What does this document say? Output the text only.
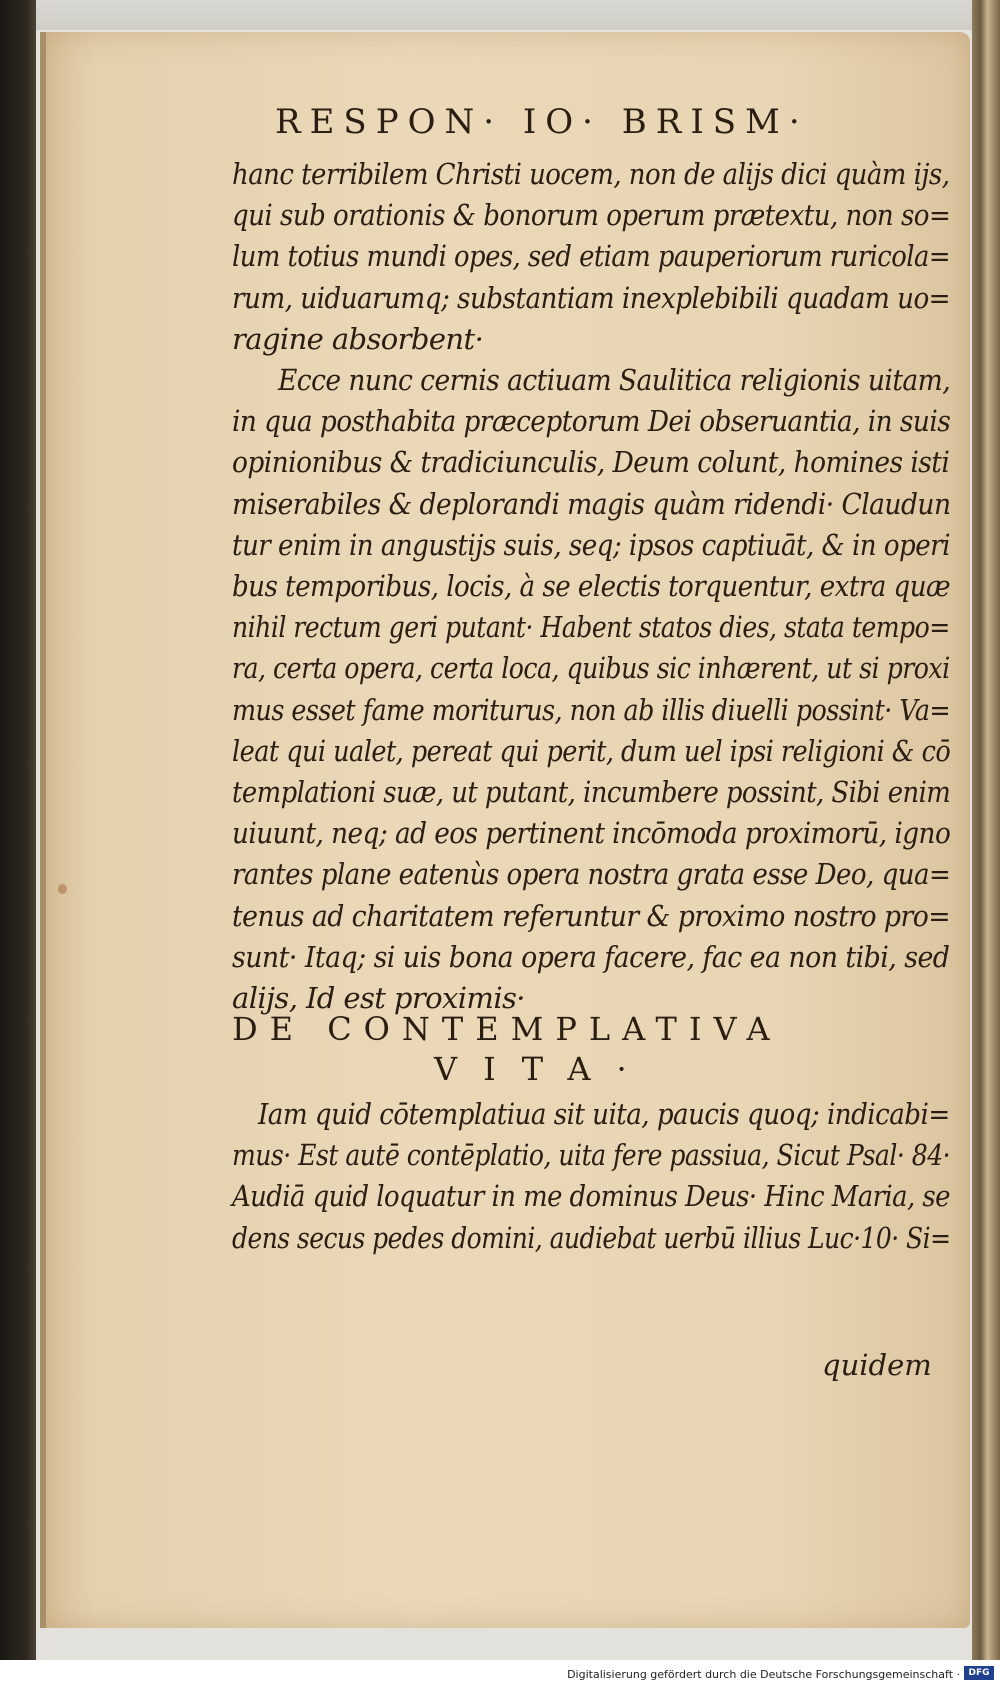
RESPON· IO· BRISM·
hanc terribilem Christi uocem, non de alijs dici quàm ijs,
qui sub orationis & bonorum operum prætextu, non so=
lum totius mundi opes, sed etiam pauperiorum ruricola=
rum, uiduarumq; substantiam inexplebibili quadam uo=
ragine absorbent·
Ecce nunc cernis actiuam Saulitica religionis uitam,
in qua posthabita præceptorum Dei obseruantia, in suis
opinionibus & tradiciunculis, Deum colunt, homines isti
miserabiles & deplorandi magis quàm ridendi· Claudun
tur enim in angustijs suis, seq; ipsos captiuāt, & in operi
bus temporibus, locis, à se electis torquentur, extra quæ
nihil rectum geri putant· Habent statos dies, stata tempo=
ra, certa opera, certa loca, quibus sic inhærent, ut si proxi
mus esset fame moriturus, non ab illis diuelli possint· Va=
leat qui ualet, pereat qui perit, dum uel ipsi religioni & cō
templationi suæ, ut putant, incumbere possint, Sibi enim
uiuunt, neq; ad eos pertinent incōmoda proximorū, igno
rantes plane eatenùs opera nostra grata esse Deo, qua=
tenus ad charitatem referuntur & proximo nostro pro=
sunt· Itaq; si uis bona opera facere, fac ea non tibi, sed
alijs, Id est proximis·
DE CONTEMPLATIVA
VITA·
Iam quid cōtemplatiua sit uita, paucis quoq; indicabi=
mus· Est autē contēplatio, uita fere passiua, Sicut Psal· 84·
Audiā quid loquatur in me dominus Deus· Hinc Maria, se
dens secus pedes domini, audiebat uerbū illius Luc·10· Si=
quidem
Digitalisierung gefördert durch die Deutsche Forschungsgemeinschaft · DFG
